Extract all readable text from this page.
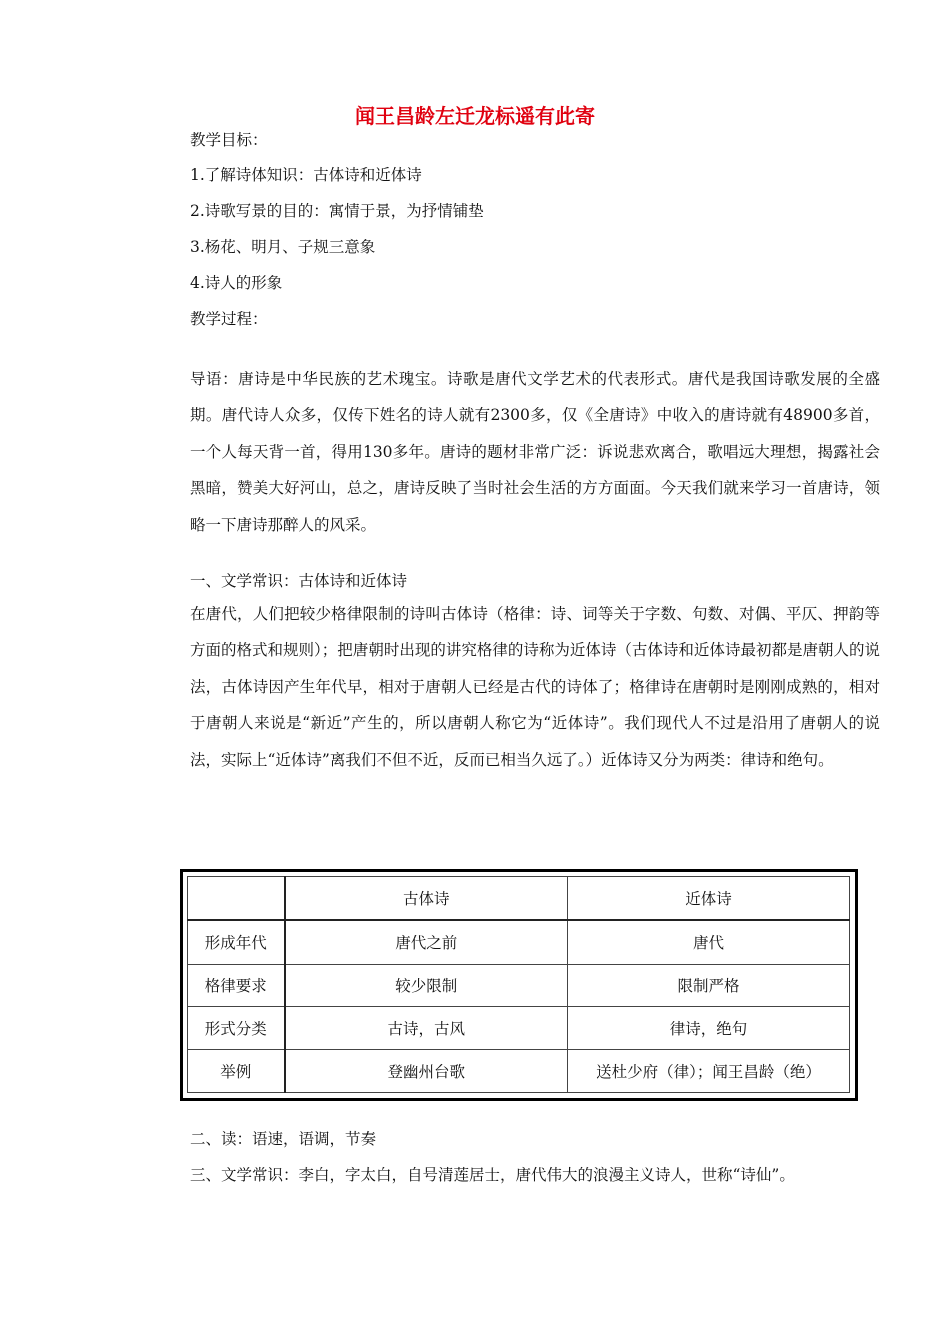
闻王昌龄左迁龙标遥有此寄
教学目标：
1.了解诗体知识：古体诗和近体诗
2.诗歌写景的目的：寓情于景，为抒情铺垫
3.杨花、明月、子规三意象
4.诗人的形象
教学过程：
导语：唐诗是中华民族的艺术瑰宝。诗歌是唐代文学艺术的代表形式。唐代是我国诗歌发展的全盛期。唐代诗人众多，仅传下姓名的诗人就有2300多，仅《全唐诗》中收入的唐诗就有48900多首，一个人每天背一首，得用130多年。唐诗的题材非常广泛：诉说悲欢离合，歌唱远大理想，揭露社会黑暗，赞美大好河山，总之，唐诗反映了当时社会生活的方方面面。今天我们就来学习一首唐诗，领略一下唐诗那醉人的风采。
一、文学常识：古体诗和近体诗
在唐代，人们把较少格律限制的诗叫古体诗（格律：诗、词等关于字数、句数、对偶、平仄、押韵等方面的格式和规则）；把唐朝时出现的讲究格律的诗称为近体诗（古体诗和近体诗最初都是唐朝人的说法，古体诗因产生年代早，相对于唐朝人已经是古代的诗体了；格律诗在唐朝时是刚刚成熟的，相对于唐朝人来说是“新近”产生的，所以唐朝人称它为“近体诗”。我们现代人不过是沿用了唐朝人的说法，实际上“近体诗”离我们不但不近，反而已相当久远了。）近体诗又分为两类：律诗和绝句。
	古体诗	近体诗
形成年代	唐代之前	唐代
格律要求	较少限制	限制严格
形式分类	古诗，古风	律诗，绝句
举例	登幽州台歌	送杜少府（律）；闻王昌龄（绝）
二、读：语速，语调，节奏
三、文学常识：李白，字太白，自号清莲居士，唐代伟大的浪漫主义诗人，世称“诗仙”。
